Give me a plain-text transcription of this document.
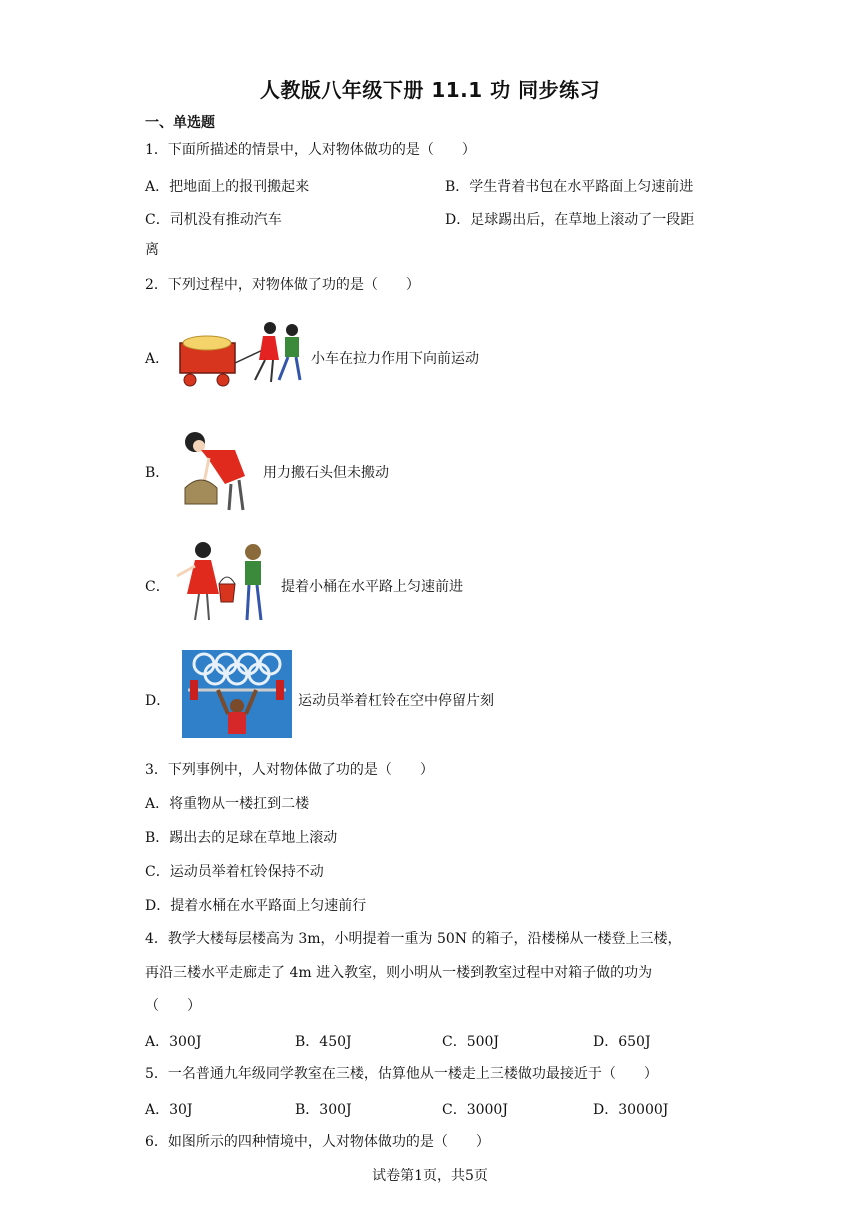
人教版八年级下册 11.1 功 同步练习
一、单选题
1．下面所描述的情景中，人对物体做功的是（　　）
A．把地面上的报刊搬起来	B．学生背着书包在水平路面上匀速前进
C．司机没有推动汽车	D．足球踢出后，在草地上滚动了一段距
离
2．下列过程中，对物体做了功的是（　　）
A．	小车在拉力作用下向前运动
B．	用力搬石头但未搬动
C．	提着小桶在水平路上匀速前进
D．	运动员举着杠铃在空中停留片刻
3．下列事例中，人对物体做了功的是（　　）
A．将重物从一楼扛到二楼
B．踢出去的足球在草地上滚动
C．运动员举着杠铃保持不动
D．提着水桶在水平路面上匀速前行
4．教学大楼每层楼高为 3m，小明提着一重为 50N 的箱子，沿楼梯从一楼登上三楼，
再沿三楼水平走廊走了 4m 进入教室，则小明从一楼到教室过程中对箱子做的功为
（　　）
A．300J	B．450J	C．500J	D．650J
5．一名普通九年级同学教室在三楼，估算他从一楼走上三楼做功最接近于（　　）
A．30J	B．300J	C．3000J	D．30000J
6．如图所示的四种情境中，人对物体做功的是（　　）
试卷第1页，共5页
